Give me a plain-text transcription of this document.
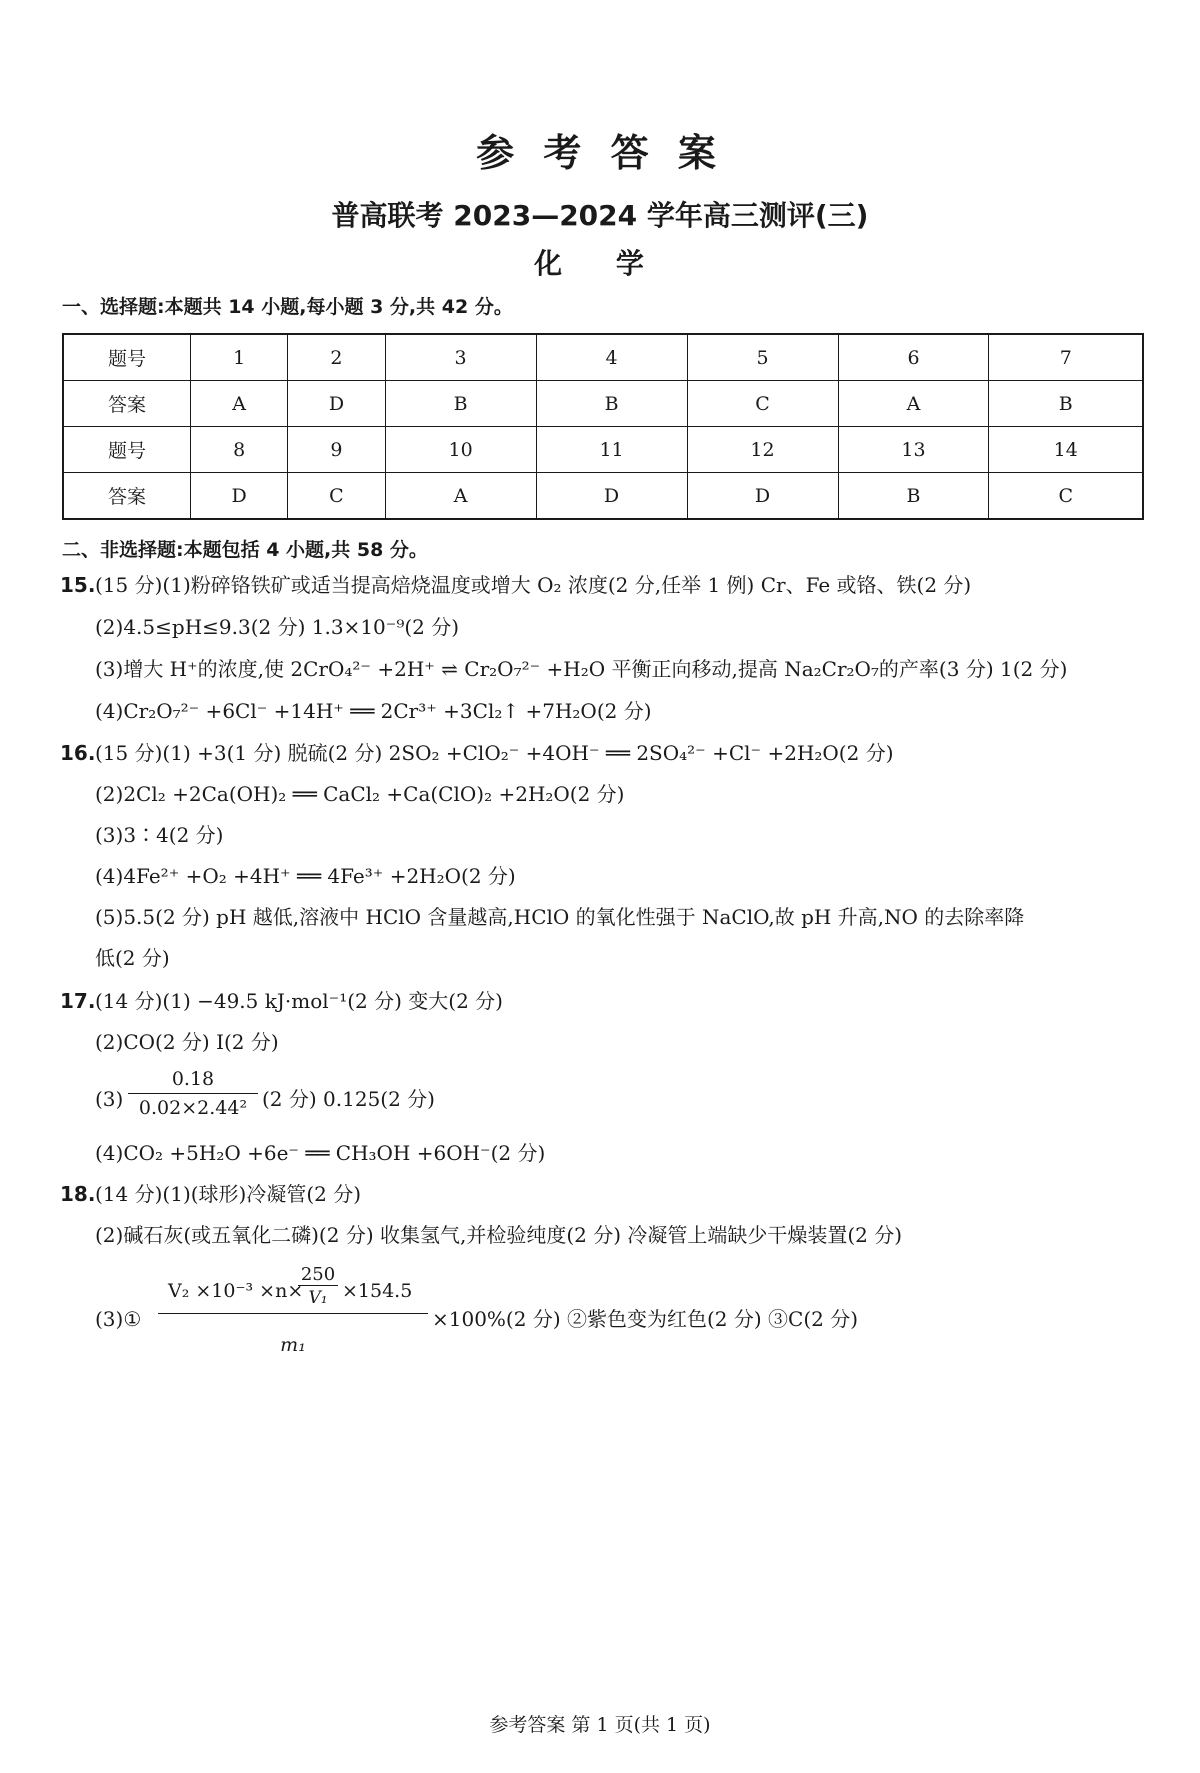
参 考 答 案
普高联考 2023—2024 学年高三测评(三)
化 学
一、选择题:本题共 14 小题,每小题 3 分,共 42 分。
题号	1	2	3	4	5	6	7
答案	A	D	B	B	C	A	B
题号	8	9	10	11	12	13	14
答案	D	C	A	D	D	B	C
二、非选择题:本题包括 4 小题,共 58 分。
15. (15 分)(1)粉碎铬铁矿或适当提高焙烧温度或增大 O₂ 浓度(2 分,任举 1 例) Cr、Fe 或铬、铁(2 分)
(2)4.5≤pH≤9.3(2 分) 1.3×10⁻⁹(2 分)
(3)增大 H⁺的浓度,使 2CrO₄²⁻ +2H⁺ ⇌ Cr₂O₇²⁻ +H₂O 平衡正向移动,提高 Na₂Cr₂O₇的产率(3 分) 1(2 分)
(4)Cr₂O₇²⁻ +6Cl⁻ +14H⁺ ══ 2Cr³⁺ +3Cl₂↑ +7H₂O(2 分)
16. (15 分)(1) +3(1 分) 脱硫(2 分) 2SO₂ +ClO₂⁻ +4OH⁻ ══ 2SO₄²⁻ +Cl⁻ +2H₂O(2 分)
(2)2Cl₂ +2Ca(OH)₂ ══ CaCl₂ +Ca(ClO)₂ +2H₂O(2 分)
(3)3∶4(2 分)
(4)4Fe²⁺ +O₂ +4H⁺ ══ 4Fe³⁺ +2H₂O(2 分)
(5)5.5(2 分) pH 越低,溶液中 HClO 含量越高,HClO 的氧化性强于 NaClO,故 pH 升高,NO 的去除率降
低(2 分)
17. (14 分)(1) −49.5 kJ·mol⁻¹(2 分) 变大(2 分)
(2)CO(2 分) Ⅰ(2 分)
$(3) \frac{0.18}{\text{0.02×2.44²}} (2$ 分) 0.125(2 分)
(4)CO₂ +5H₂O +6e⁻ ══ CH₃OH +6OH⁻(2 分)
18. (14 分)(1)(球形)冷凝管(2 分)
(2)碱石灰(或五氧化二磷)(2 分) 收集氢气,并检验纯度(2 分) 冷凝管上端缺少干燥装置(2 分)
(3)① V₂ ×10⁻³ ×n×
250
V₁ ×154.5
m₁ ×100%(2 分) ②紫色变为红色(2 分) ③C(2 分)
参考答案 第 1 页(共 1 页)
